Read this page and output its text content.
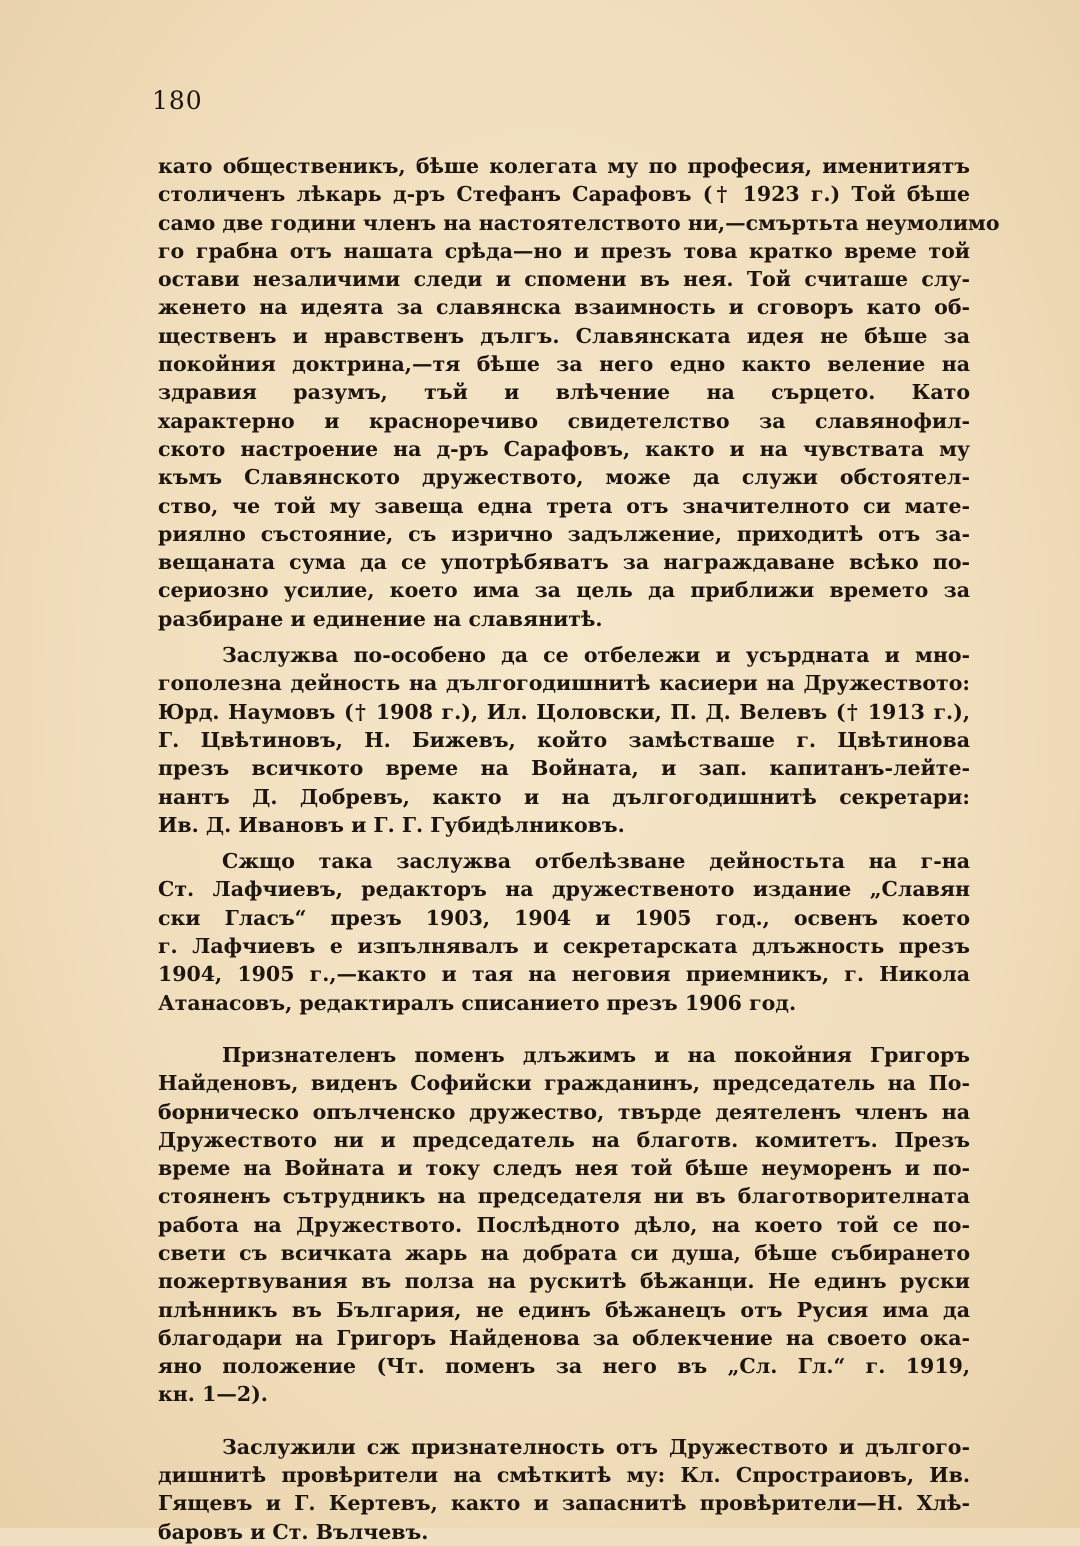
180
като общественикъ, бѣше колегата му по професия, именитиятъ
столиченъ лѣкарь д-ръ Стефанъ Сарафовъ († 1923 г.) Той бѣше
само две години членъ на настоятелството ни,—смъртьта неумолимо
го грабна отъ нашата срѣда—но и презъ това кратко време той
остави незаличими следи и спомени въ нея. Той считаше слу-
женето на идеята за славянска взаимность и сговоръ като об-
щественъ и нравственъ дългъ. Славянската идея не бѣше за
покойния доктрина,—тя бѣше за него едно както веление на
здравия разумъ, тъй и влѣчение на сърцето. Като
характерно и красноречиво свидетелство за славянофил-
ското настроение на д-ръ Сарафовъ, както и на чувствата му
къмъ Славянското дружеството, може да служи обстоятел-
ство, че той му завеща една трета отъ значителното си мате-
риялно състояние, съ изрично задължение, приходитѣ отъ за-
вещаната сума да се употрѣбяватъ за награждаване всѣко по-
сериозно усилие, което има за цель да приближи времето за
разбиране и единение на славянитѣ.
Заслужва по-особено да се отбележи и усърдната и мно-
гополезна дейность на дългогодишнитѣ касиери на Дружеството:
Юрд. Наумовъ († 1908 г.), Ил. Цоловски, П. Д. Велевъ († 1913 г.),
Г. Цвѣтиновъ, Н. Бижевъ, който замѣстваше г. Цвѣтинова
презъ всичкото време на Войната, и зап. капитанъ-лейте-
нантъ Д. Добревъ, както и на дългогодишнитѣ секретари:
Ив. Д. Ивановъ и Г. Г. Губидѣлниковъ.
Сжщо така заслужва отбелѣзване дейностьта на г-на
Ст. Лафчиевъ, редакторъ на дружественото издание „Славян
ски Гласъ“ презъ 1903, 1904 и 1905 год., освенъ което
г. Лафчиевъ е изпълнявалъ и секретарската длъжность презъ
1904, 1905 г.,—както и тая на неговия приемникъ, г. Никола
Атанасовъ, редактиралъ списанието презъ 1906 год.
Признателенъ поменъ длъжимъ и на покойния Григоръ
Найденовъ, виденъ Софийски гражданинъ, председатель на По-
борническо опълченско дружество, твърде деятеленъ членъ на
Дружеството ни и председатель на благотв. комитетъ. Презъ
време на Войната и току следъ нея той бѣше неуморенъ и по-
стояненъ сътрудникъ на председателя ни въ благотворителната
работа на Дружеството. Послѣдното дѣло, на което той се по-
свети съ всичката жарь на добрата си душа, бѣше събирането
пожертвувания въ полза на рускитѣ бѣжанци. Не единъ руски
плѣнникъ въ България, не единъ бѣжанецъ отъ Русия има да
благодари на Григоръ Найденова за облекчение на своето ока-
яно положение (Чт. поменъ за него въ „Сл. Гл.“ г. 1919,
кн. 1—2).
Заслужили сж признателность отъ Дружеството и дългого-
дишнитѣ провѣрители на смѣткитѣ му: Кл. Спростраиовъ, Ив.
Гящевъ и Г. Кертевъ, както и запаснитѣ провѣрители—Н. Хлѣ-
баровъ и Ст. Вълчевъ.
